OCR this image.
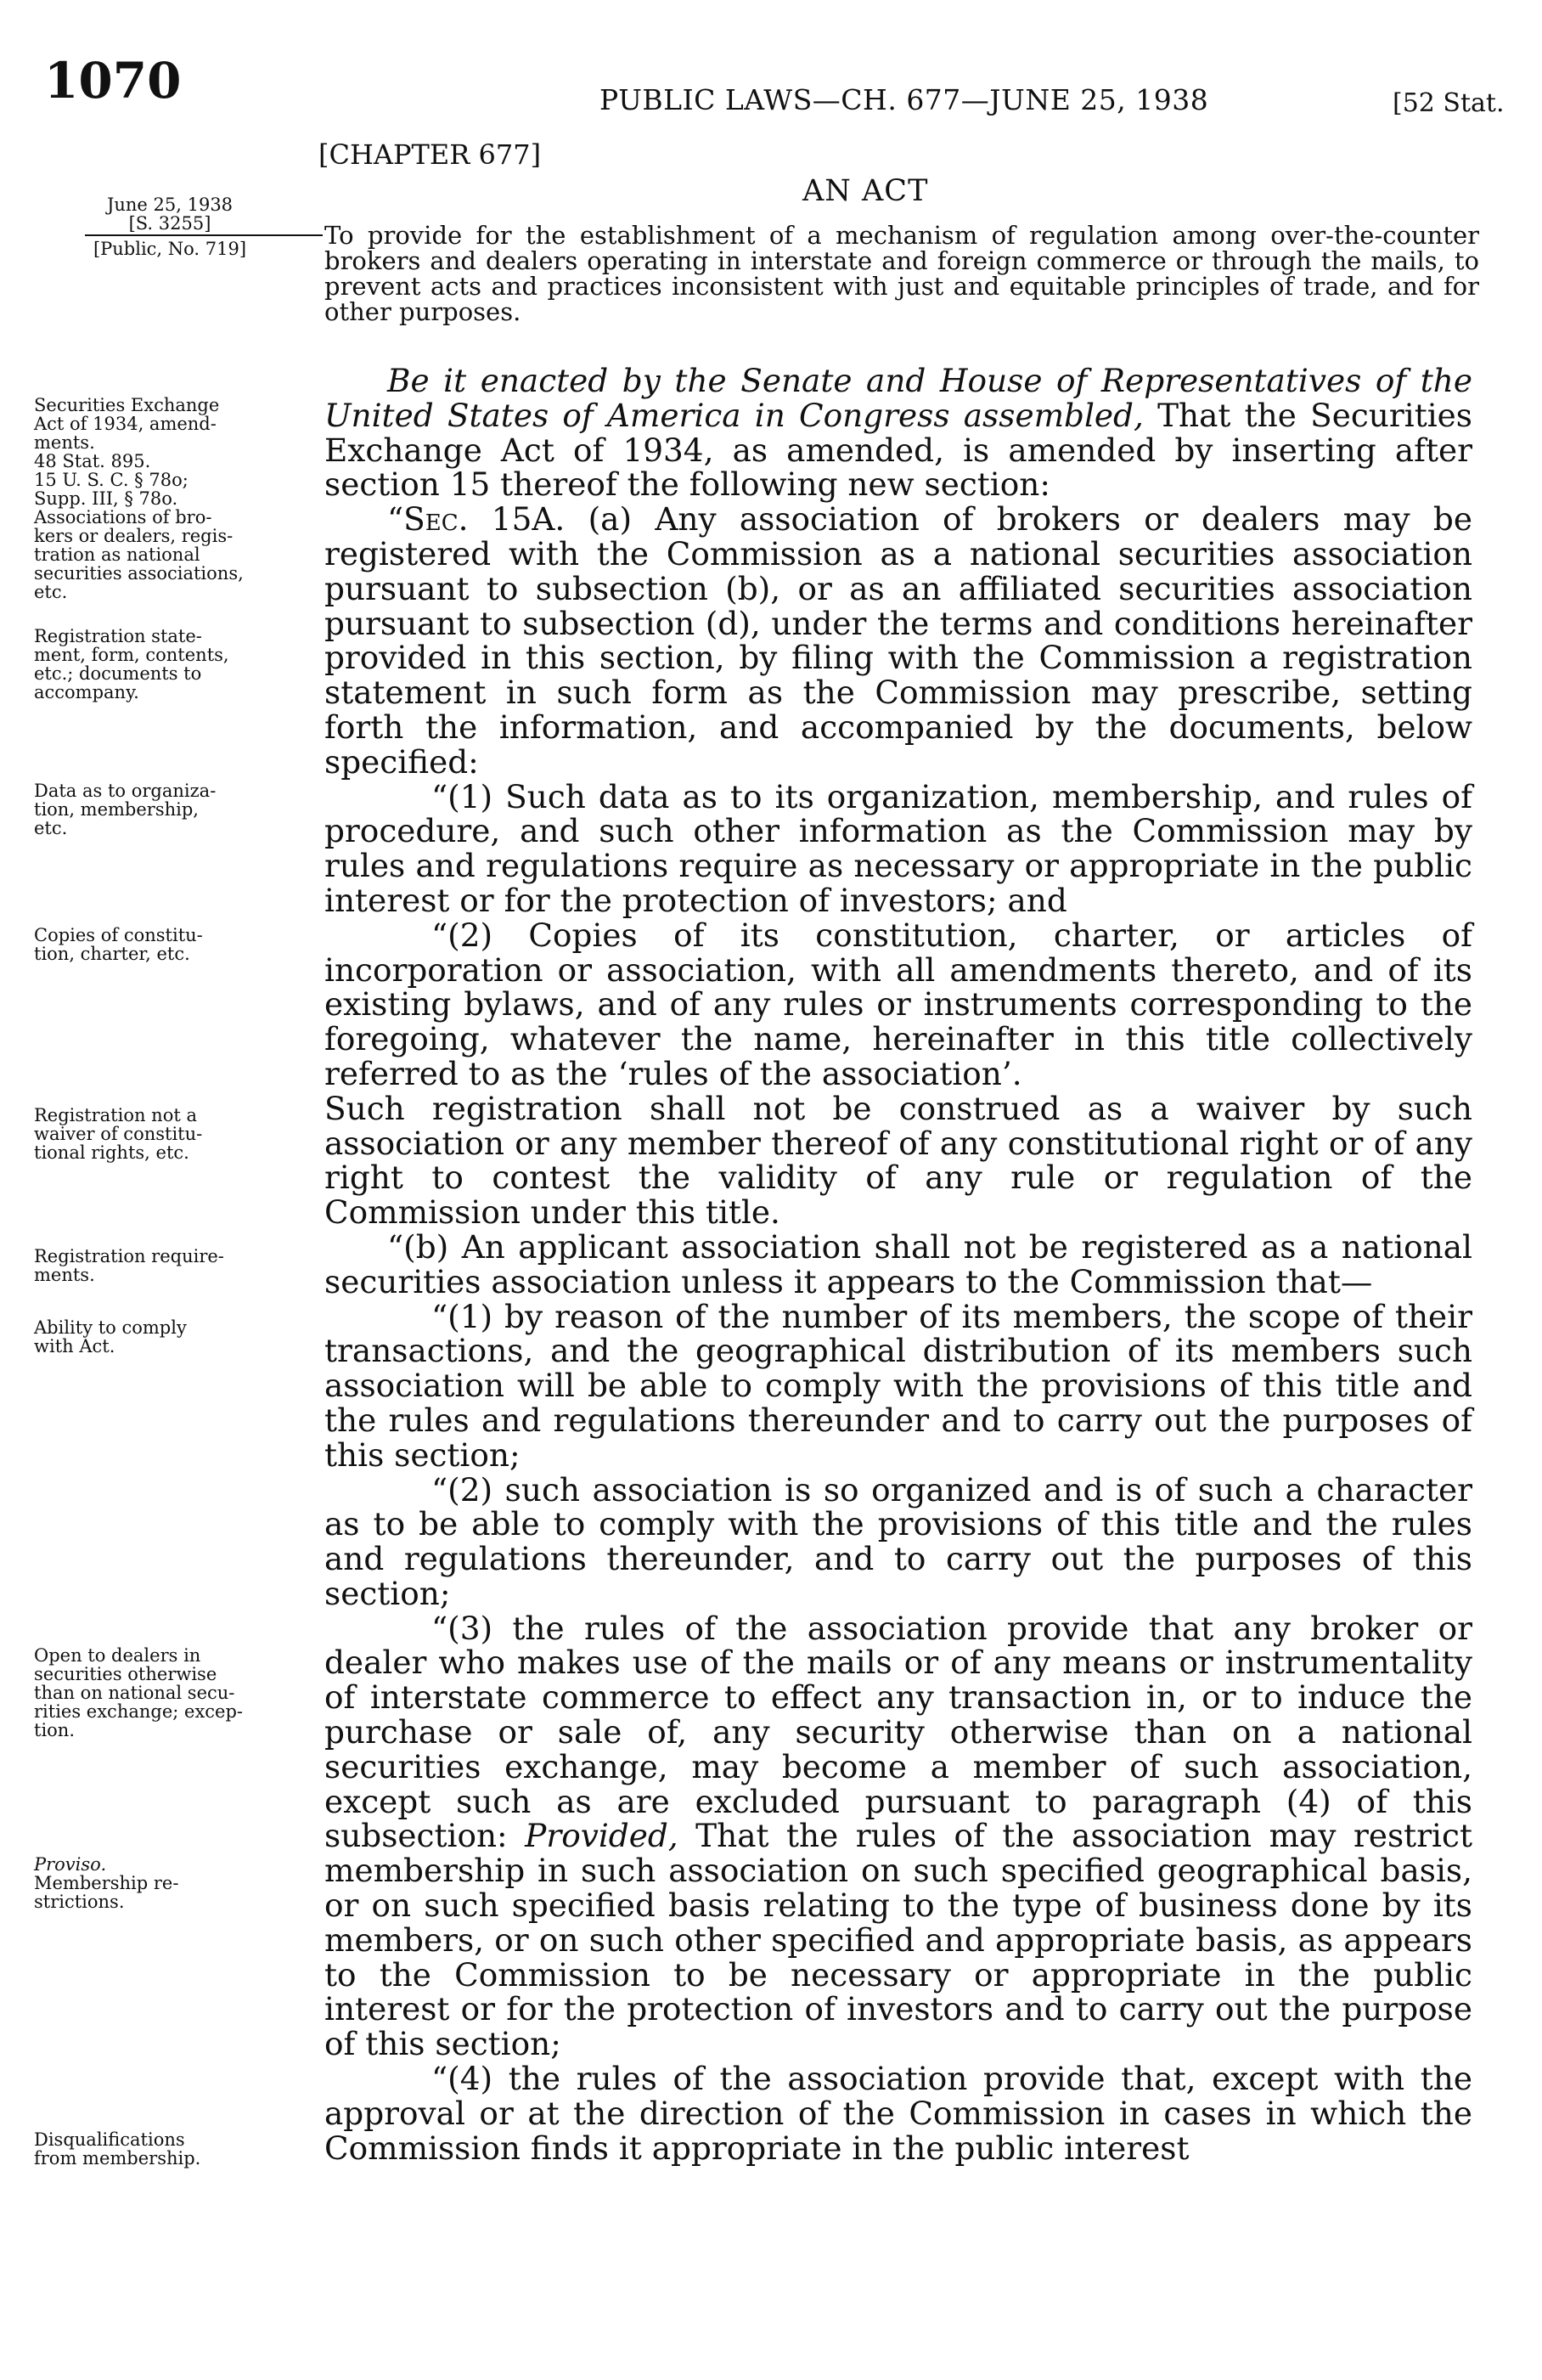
1070	PUBLIC LAWS—CH. 677—JUNE 25, 1938	[52 Stat.
June 25, 1938
[S. 3255]
[Public, No. 719]
Securities Exchange
Act of 1934, amend-
ments.
48 Stat. 895.
15 U. S. C. § 78o;
Supp. III, § 78o.
Associations of bro-
kers or dealers, regis-
tration as national
securities associations,
etc.
Registration state-
ment, form, contents,
etc.; documents to
accompany.
Data as to organiza-
tion, membership,
etc.
Copies of constitu-
tion, charter, etc.
Registration not a
waiver of constitu-
tional rights, etc.
Registration require-
ments.
Ability to comply
with Act.
Open to dealers in
securities otherwise
than on national secu-
rities exchange; excep-
tion.
Proviso.
Membership re-
strictions.
Disqualifications
from membership.
[CHAPTER 677]
AN ACT
To provide for the establishment of a mechanism of regulation among over-the-counter brokers and dealers operating in interstate and foreign commerce or through the mails, to prevent acts and practices inconsistent with just and equitable principles of trade, and for other purposes.

Be it enacted by the Senate and House of Representatives of the United States of America in Congress assembled, That the Securities Exchange Act of 1934, as amended, is amended by inserting after section 15 thereof the following new section:

“Sec. 15A. (a) Any association of brokers or dealers may be registered with the Commission as a national securities association pursuant to subsection (b), or as an affiliated securities association pursuant to subsection (d), under the terms and conditions hereinafter provided in this section, by filing with the Commission a registration statement in such form as the Commission may prescribe, setting forth the information, and accompanied by the documents, below specified:

“(1) Such data as to its organization, membership, and rules of procedure, and such other information as the Commission may by rules and regulations require as necessary or appropriate in the public interest or for the protection of investors; and

“(2) Copies of its constitution, charter, or articles of incorporation or association, with all amendments thereto, and of its existing bylaws, and of any rules or instruments corresponding to the foregoing, whatever the name, hereinafter in this title collectively referred to as the ‘rules of the association’.

Such registration shall not be construed as a waiver by such association or any member thereof of any constitutional right or of any right to contest the validity of any rule or regulation of the Commission under this title.

“(b) An applicant association shall not be registered as a national securities association unless it appears to the Commission that—

“(1) by reason of the number of its members, the scope of their transactions, and the geographical distribution of its members such association will be able to comply with the provisions of this title and the rules and regulations thereunder and to carry out the purposes of this section;

“(2) such association is so organized and is of such a character as to be able to comply with the provisions of this title and the rules and regulations thereunder, and to carry out the purposes of this section;

“(3) the rules of the association provide that any broker or dealer who makes use of the mails or of any means or instrumentality of interstate commerce to effect any transaction in, or to induce the purchase or sale of, any security otherwise than on a national securities exchange, may become a member of such association, except such as are excluded pursuant to paragraph (4) of this subsection: Provided, That the rules of the association may restrict membership in such association on such specified geographical basis, or on such specified basis relating to the type of business done by its members, or on such other specified and appropriate basis, as appears to the Commission to be necessary or appropriate in the public interest or for the protection of investors and to carry out the purpose of this section;

“(4) the rules of the association provide that, except with the approval or at the direction of the Commission in cases in which the Commission finds it appropriate in the public interest
